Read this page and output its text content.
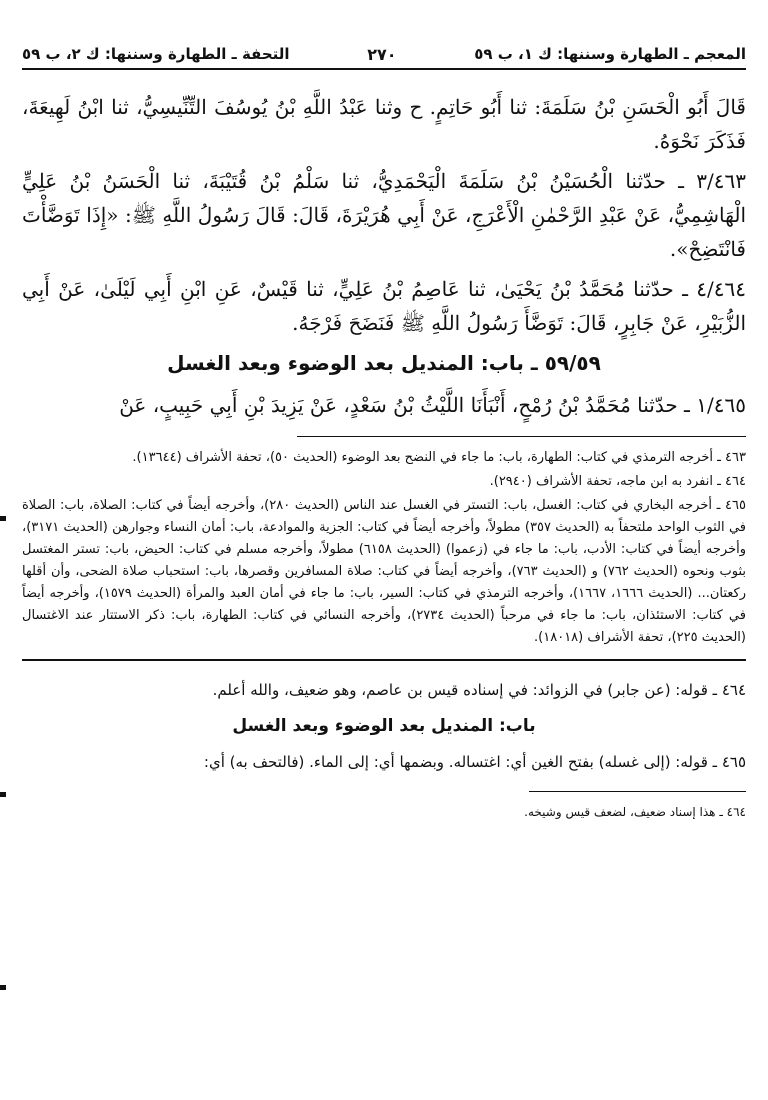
المعجم ـ الطهارة وسننها: ك ١، ب ٥٩
٢٧٠
التحفة ـ الطهارة وسننها: ك ٢، ب ٥٩

قَالَ أَبُو الْحَسَنِ بْنُ سَلَمَةَ: ثنا أَبُو حَاتِمٍ. ح وثنا عَبْدُ اللَّهِ بْنُ يُوسُفَ التِّنِّيسِيُّ، ثنا ابْنُ لَهِيعَةَ، فَذَكَرَ نَحْوَهُ.

٣/٤٦٣ ـ حدّثنا الْحُسَيْنُ بْنُ سَلَمَةَ الْيَحْمَدِيُّ، ثنا سَلْمُ بْنُ قُتَيْبَةَ، ثنا الْحَسَنُ بْنُ عَلِيٍّ الْهَاشِمِيُّ، عَنْ عَبْدِ الرَّحْمٰنِ الْأَعْرَجِ، عَنْ أَبِي هُرَيْرَةَ، قَالَ: قَالَ رَسُولُ اللَّهِ ﷺ: «إِذَا تَوَضَّأْتَ فَانْتَضِحْ».

٤/٤٦٤ ـ حدّثنا مُحَمَّدُ بْنُ يَحْيَىٰ، ثنا عَاصِمُ بْنُ عَلِيٍّ، ثنا قَيْسٌ، عَنِ ابْنِ أَبِي لَيْلَىٰ، عَنْ أَبِي الزُّبَيْرِ، عَنْ جَابِرٍ، قَالَ: تَوَضَّأَ رَسُولُ اللَّهِ ﷺ فَنَضَحَ فَرْجَهُ.

٥٩/٥٩ ـ باب: المنديل بعد الوضوء وبعد الغسل

١/٤٦٥ ـ حدّثنا مُحَمَّدُ بْنُ رُمْحٍ، أَنْبَأَنَا اللَّيْثُ بْنُ سَعْدٍ، عَنْ يَزِيدَ بْنِ أَبِي حَبِيبٍ، عَنْ

٤٦٣ ـ أخرجه الترمذي في كتاب: الطهارة، باب: ما جاء في النضح بعد الوضوء (الحديث ٥٠)، تحفة الأشراف (١٣٦٤٤).

٤٦٤ ـ انفرد به ابن ماجه، تحفة الأشراف (٢٩٤٠).

٤٦٥ ـ أخرجه البخاري في كتاب: الغسل، باب: التستر في الغسل عند الناس (الحديث ٢٨٠)، وأخرجه أيضاً في كتاب: الصلاة، باب: الصلاة في الثوب الواحد ملتحفاً به (الحديث ٣٥٧) مطولاً، وأخرجه أيضاً في كتاب: الجزية والموادعة، باب: أمان النساء وجوارهن (الحديث ٣١٧١)، وأخرجه أيضاً في كتاب: الأدب، باب: ما جاء في (زعموا) (الحديث ٦١٥٨) مطولاً، وأخرجه مسلم في كتاب: الحيض، باب: تستر المغتسل بثوب ونحوه (الحديث ٧٦٢) و (الحديث ٧٦٣)، وأخرجه أيضاً في كتاب: صلاة المسافرين وقصرها، باب: استحباب صلاة الضحى، وأن أقلها ركعتان... (الحديث ١٦٦٦، ١٦٦٧)، وأخرجه الترمذي في كتاب: السير، باب: ما جاء في أمان العبد والمرأة (الحديث ١٥٧٩)، وأخرجه أيضاً في كتاب: الاستئذان، باب: ما جاء في مرحباً (الحديث ٢٧٣٤)، وأخرجه النسائي في كتاب: الطهارة، باب: ذكر الاستتار عند الاغتسال (الحديث ٢٢٥)، تحفة الأشراف (١٨٠١٨).

٤٦٤ ـ قوله: (عن جابر) في الزوائد: في إسناده قيس بن عاصم، وهو ضعيف، والله أعلم.

باب: المنديل بعد الوضوء وبعد الغسل

٤٦٥ ـ قوله: (إلى غسله) بفتح الغين أي: اغتساله. وبضمها أي: إلى الماء. (فالتحف به) أي:

٤٦٤ ـ هذا إسناد ضعيف، لضعف قيس وشيخه.
